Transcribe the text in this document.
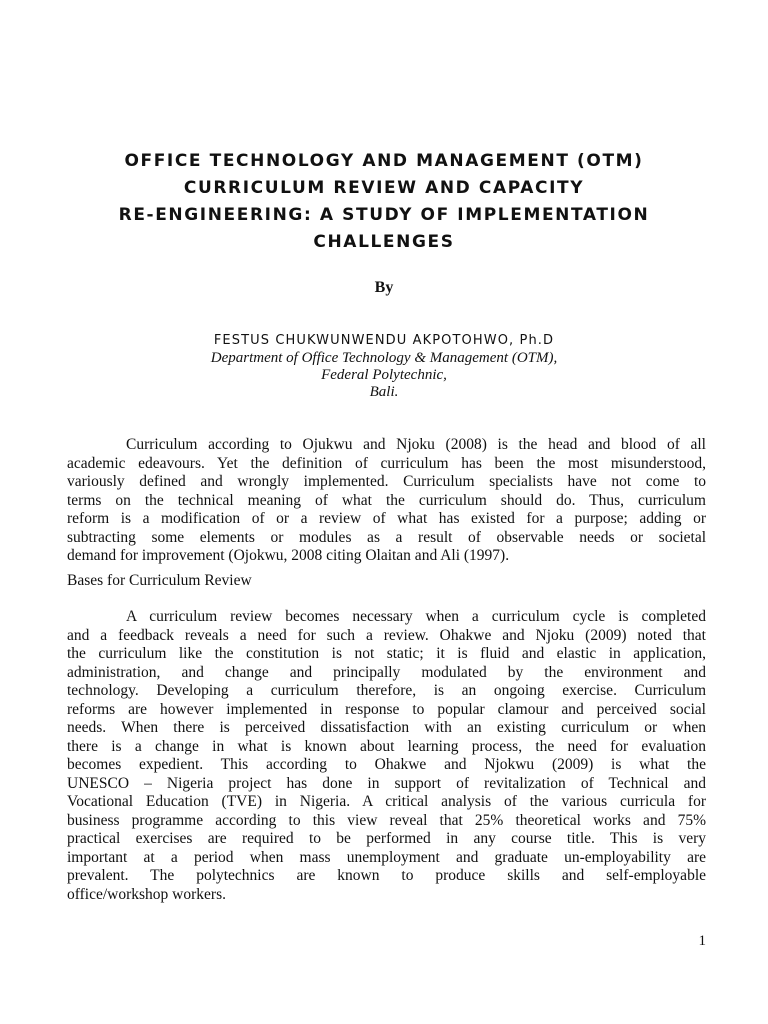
OFFICE TECHNOLOGY AND MANAGEMENT (OTM)
CURRICULUM REVIEW AND CAPACITY
RE-ENGINEERING: A STUDY OF IMPLEMENTATION
CHALLENGES
By
FESTUS CHUKWUNWENDU AKPOTOHWO, Ph.D
Department of Office Technology & Management (OTM),
Federal Polytechnic,
Bali.
Curriculum according to Ojukwu and Njoku (2008) is the head and blood of all
academic edeavours. Yet the definition of curriculum has been the most misunderstood,
variously defined and wrongly implemented. Curriculum specialists have not come to
terms on the technical meaning of what the curriculum should do. Thus, curriculum
reform is a modification of or a review of what has existed for a purpose; adding or
subtracting some elements or modules as a result of observable needs or societal
demand for improvement (Ojokwu, 2008 citing Olaitan and Ali (1997).
Bases for Curriculum Review
A curriculum review becomes necessary when a curriculum cycle is completed
and a feedback reveals a need for such a review. Ohakwe and Njoku (2009) noted that
the curriculum like the constitution is not static; it is fluid and elastic in application,
administration, and change and principally modulated by the environment and
technology. Developing a curriculum therefore, is an ongoing exercise. Curriculum
reforms are however implemented in response to popular clamour and perceived social
needs. When there is perceived dissatisfaction with an existing curriculum or when
there is a change in what is known about learning process, the need for evaluation
becomes expedient. This according to Ohakwe and Njokwu (2009) is what the
UNESCO – Nigeria project has done in support of revitalization of Technical and
Vocational Education (TVE) in Nigeria. A critical analysis of the various curricula for
business programme according to this view reveal that 25% theoretical works and 75%
practical exercises are required to be performed in any course title. This is very
important at a period when mass unemployment and graduate un-employability are
prevalent. The polytechnics are known to produce skills and self-employable
office/workshop workers.
1
